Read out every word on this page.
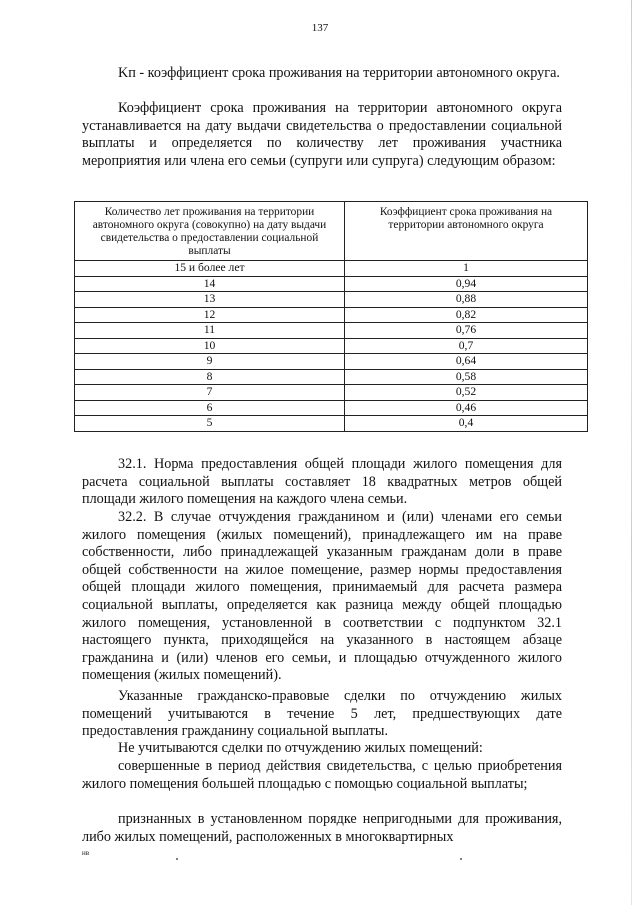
137

Kп - коэффициент срока проживания на территории автономного округа.

Коэффициент срока проживания на территории автономного округа устанавливается на дату выдачи свидетельства о предоставлении социальной выплаты и определяется по количеству лет проживания участника мероприятия или члена его семьи (супруги или супруга) следующим образом:

Количество лет проживания на территории автономного округа (совокупно) на дату выдачи свидетельства о предоставлении социальной выплаты	Коэффициент срока проживания на территории автономного округа
15 и более лет	1
14	0,94
13	0,88
12	0,82
11	0,76
10	0,7
9	0,64
8	0,58
7	0,52
6	0,46
5	0,4

32.1. Норма предоставления общей площади жилого помещения для расчета социальной выплаты составляет 18 квадратных метров общей площади жилого помещения на каждого члена семьи.

32.2. В случае отчуждения гражданином и (или) членами его семьи жилого помещения (жилых помещений), принадлежащего им на праве собственности, либо принадлежащей указанным гражданам доли в праве общей собственности на жилое помещение, размер нормы предоставления общей площади жилого помещения, принимаемый для расчета размера социальной выплаты, определяется как разница между общей площадью жилого помещения, установленной в соответствии с подпунктом 32.1 настоящего пункта, приходящейся на указанного в настоящем абзаце гражданина и (или) членов его семьи, и площадью отчужденного жилого помещения (жилых помещений).

Указанные гражданско-правовые сделки по отчуждению жилых помещений учитываются в течение 5 лет, предшествующих дате предоставления гражданину социальной выплаты.

Не учитываются сделки по отчуждению жилых помещений:

совершенные в период действия свидетельства, с целью приобретения жилого помещения большей площадью с помощью социальной выплаты;

признанных в установленном порядке непригодными для проживания, либо жилых помещений, расположенных в многоквартирных

нв
